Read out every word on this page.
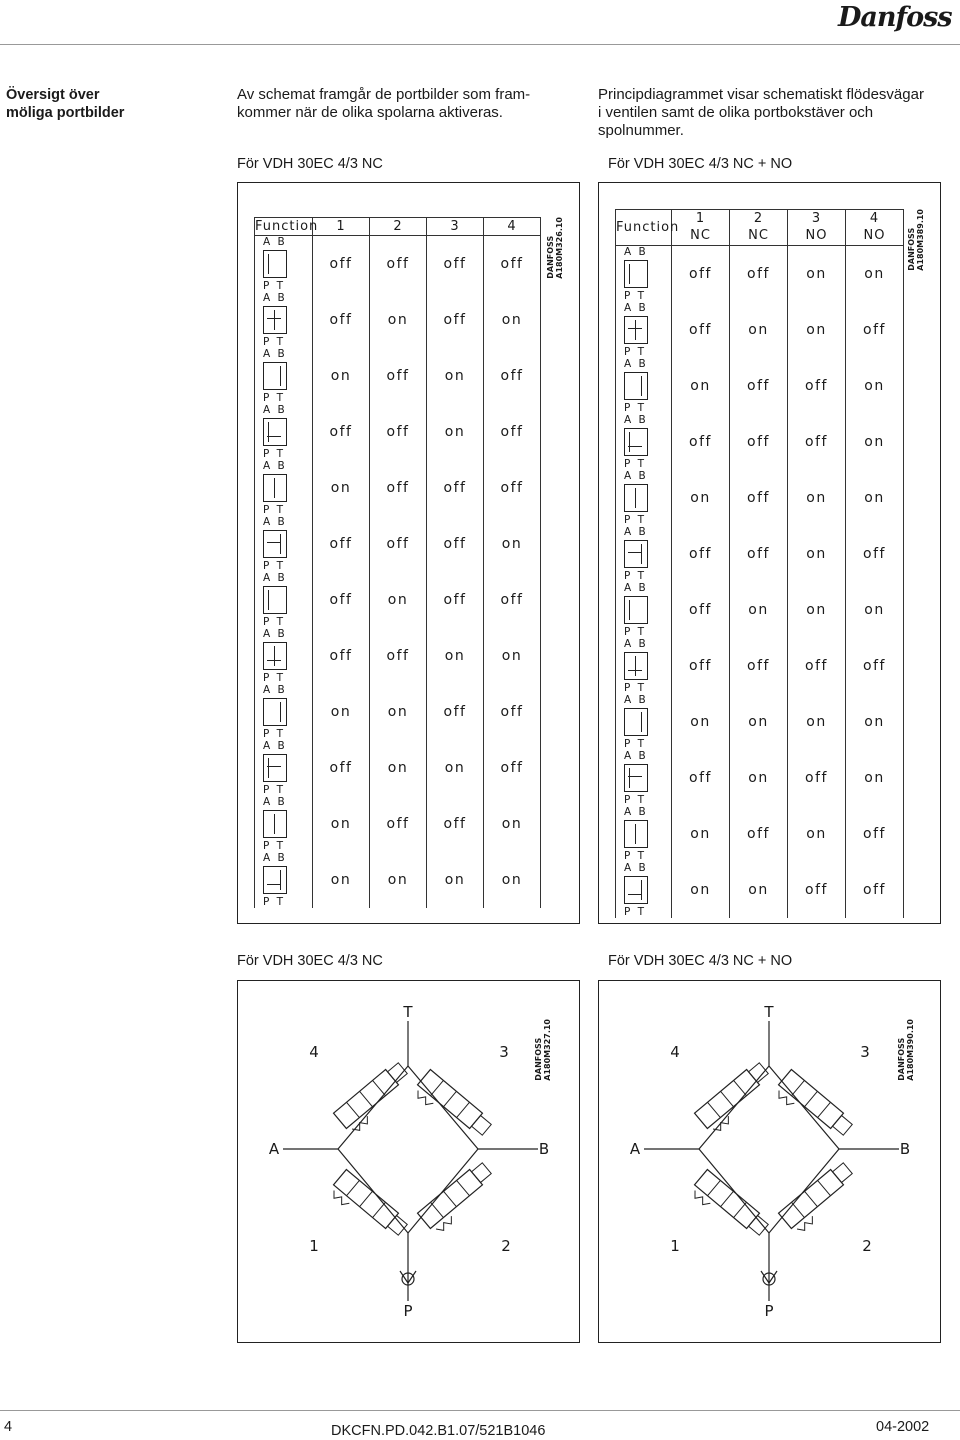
Danfoss
Översigt över
möliga portbilder
Av schemat framgår de portbilder som fram-
kommer när de olika spolarna aktiveras.
Principdiagrammet visar schematiskt flödesvägar
i ventilen samt de olika portbokstäver och
spolnummer.
För VDH 30EC 4/3 NC	För VDH 30EC 4/3 NC + NO
Function	1	2	3	4

A B
P T	off	off	off	off

A B
P T	off	on	off	on

A B
P T	on	off	on	off

A B
P T	off	off	on	off

A B
P T	on	off	off	off

A B
P T	off	off	off	on

A B
P T	off	on	off	off

A B
P T	off	off	on	on

A B
P T	on	on	off	off

A B
P T	off	on	on	off

A B
P T	on	off	off	on

A B
P T	on	on	on	on
DANFOSS
A180M326.10	Function	1	2	3	4
	NC	NC	NO	NO

A B
P T	off	off	on	on

A B
P T	off	on	on	off

A B
P T	on	off	off	on

A B
P T	off	off	off	on

A B
P T	on	off	on	on

A B
P T	off	off	on	off

A B
P T	off	on	on	on

A B
P T	off	off	off	off

A B
P T	on	on	on	on

A B
P T	off	on	off	on

A B
P T	on	off	on	off

A B
P T	on	on	off	off
DANFOSS
A180M389.10
För VDH 30EC 4/3 NC	För VDH 30EC 4/3 NC + NO
T
4	3
A	B
1	2
P
DANFOSS
A180M327.10
T
4	3
A	B
1	2
P
DANFOSS
A180M390.10
4	DKCFN.PD.042.B1.07/521B1046	04-2002
